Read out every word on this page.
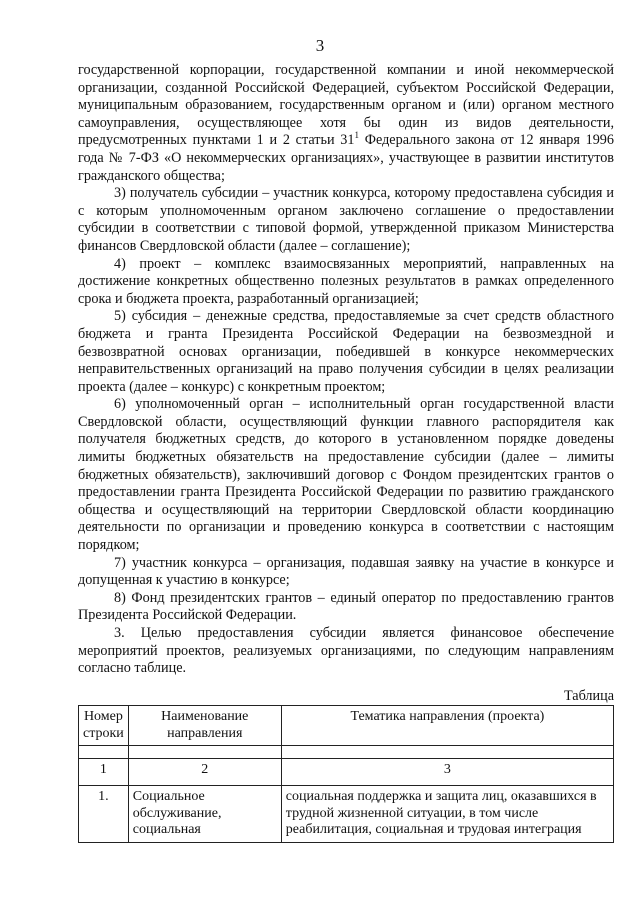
3

государственной корпорации, государственной компании и иной некоммерческой организации, созданной Российской Федерацией, субъектом Российской Федерации, муниципальным образованием, государственным органом и (или) органом местного самоуправления, осуществляющее хотя бы один из видов деятельности, предусмотренных пунктами 1 и 2 статьи $31^1$ Федерального закона от 12 января 1996 года № 7-ФЗ «О некоммерческих организациях», участвующее в развитии институтов гражданского общества;

3) получатель субсидии – участник конкурса, которому предоставлена субсидия и с которым уполномоченным органом заключено соглашение о предоставлении субсидии в соответствии с типовой формой, утвержденной приказом Министерства финансов Свердловской области (далее – соглашение);

4) проект – комплекс взаимосвязанных мероприятий, направленных на достижение конкретных общественно полезных результатов в рамках определенного срока и бюджета проекта, разработанный организацией;

5) субсидия – денежные средства, предоставляемые за счет средств областного бюджета и гранта Президента Российской Федерации на безвозмездной и безвозвратной основах организации, победившей в конкурсе некоммерческих неправительственных организаций на право получения субсидии в целях реализации проекта (далее – конкурс) с конкретным проектом;

6) уполномоченный орган – исполнительный орган государственной власти Свердловской области, осуществляющий функции главного распорядителя как получателя бюджетных средств, до которого в установленном порядке доведены лимиты бюджетных обязательств на предоставление субсидии (далее – лимиты бюджетных обязательств), заключивший договор с Фондом президентских грантов о предоставлении гранта Президента Российской Федерации по развитию гражданского общества и осуществляющий на территории Свердловской области координацию деятельности по организации и проведению конкурса в соответствии с настоящим порядком;

7) участник конкурса – организация, подавшая заявку на участие в конкурсе и допущенная к участию в конкурсе;

8) Фонд президентских грантов – единый оператор по предоставлению грантов Президента Российской Федерации.

3. Целью предоставления субсидии является финансовое обеспечение мероприятий проектов, реализуемых организациями, по следующим направлениям согласно таблице.

Таблица
Номер строки	Наименование направления	Тематика направления (проекта)

1	2	3
1.	Социальное обслуживание, социальная	социальная поддержка и защита лиц, оказавшихся в трудной жизненной ситуации, в том числе реабилитация, социальная и трудовая интеграция
